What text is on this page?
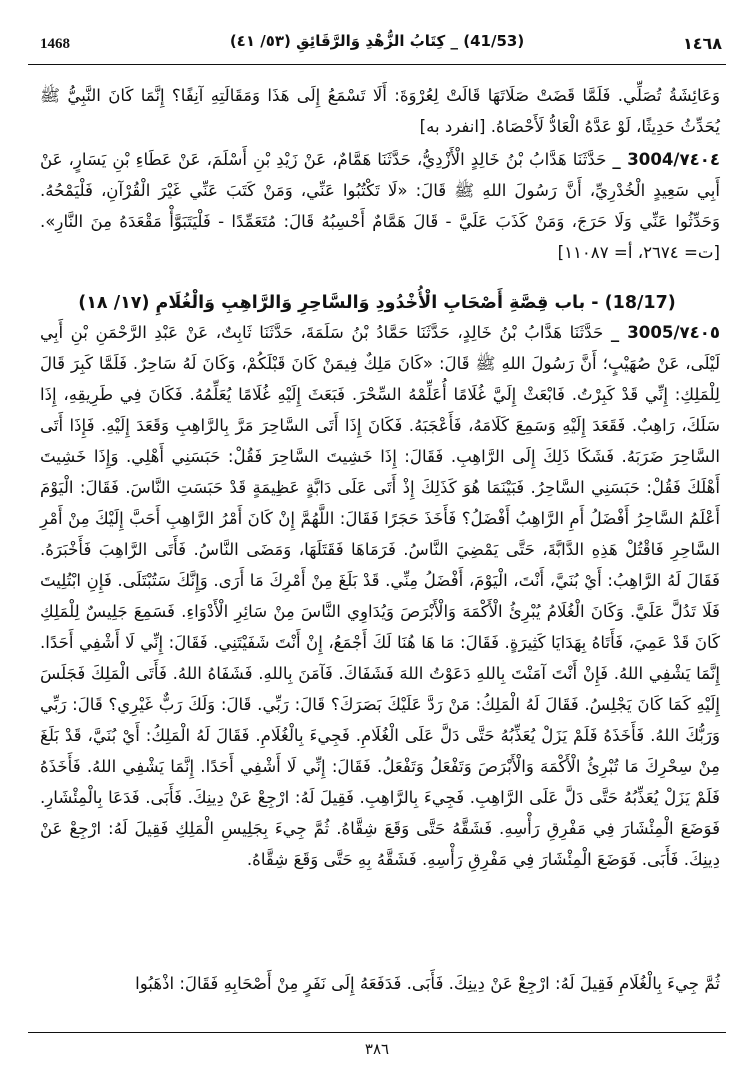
1468	(41/53) _ كِتَابُ الزُّهْدِ وَالرَّقَائِقِ (٥٣/ ٤١)	١٤٦٨

وَعَائِشَةُ تُصَلِّي. فَلَمَّا قَضَتْ صَلَاتَهَا قَالَتْ لِعُرْوَةَ: أَلَا تَسْمَعُ إِلَى هَذَا وَمَقَالَتِهِ آنِفًا؟ إِنَّمَا كَانَ النَّبِيُّ ﷺ يُحَدِّثُ حَدِيثًا، لَوْ عَدَّهُ الْعَادُّ لَأَحْصَاهُ. [انفرد به]

٧٤٠٤/3004 _ حَدَّثَنَا هَدَّابُ بْنُ خَالِدٍ الْأَزْدِيُّ، حَدَّثَنَا هَمَّامٌ، عَنْ زَيْدِ بْنِ أَسْلَمَ، عَنْ عَطَاءِ بْنِ يَسَارٍ، عَنْ أَبِي سَعِيدٍ الْخُدْرِيِّ، أَنَّ رَسُولَ اللهِ ﷺ قَالَ: «لَا تَكْتُبُوا عَنِّي، وَمَنْ كَتَبَ عَنِّي غَيْرَ الْقُرْآنِ، فَلْيَمْحُهُ. وَحَدِّثُوا عَنِّي وَلَا حَرَجَ، وَمَنْ كَذَبَ عَلَيَّ - قَالَ هَمَّامٌ أَحْسِبُهُ قَالَ: مُتَعَمِّدًا - فَلْيَتَبَوَّأْ مَقْعَدَهُ مِنَ النَّارِ». [ت= ٢٦٧٤، أ= ١١٠٨٧]

(18/17) - باب قِصَّةِ أَصْحَابِ الْأُخْدُودِ وَالسَّاحِرِ وَالرَّاهِبِ وَالْغُلَامِ (١٧/ ١٨)

٧٤٠٥/3005 _ حَدَّثَنَا هَدَّابُ بْنُ خَالِدٍ، حَدَّثَنَا حَمَّادُ بْنُ سَلَمَةَ، حَدَّثَنَا ثَابِتٌ، عَنْ عَبْدِ الرَّحْمَنِ بْنِ أَبِي لَيْلَى، عَنْ صُهَيْبٍ؛ أَنَّ رَسُولَ اللهِ ﷺ قَالَ: «كَانَ مَلِكٌ فِيمَنْ كَانَ قَبْلَكُمْ، وَكَانَ لَهُ سَاحِرٌ. فَلَمَّا كَبِرَ قَالَ لِلْمَلِكِ: إِنِّي قَدْ كَبِرْتُ. فَابْعَثْ إِلَيَّ غُلَامًا أُعَلِّمْهُ السِّحْرَ. فَبَعَثَ إِلَيْهِ غُلَامًا يُعَلِّمُهُ. فَكَانَ فِي طَرِيقِهِ، إِذَا سَلَكَ، رَاهِبٌ. فَقَعَدَ إِلَيْهِ وَسَمِعَ كَلَامَهُ، فَأَعْجَبَهُ. فَكَانَ إِذَا أَتَى السَّاحِرَ مَرَّ بِالرَّاهِبِ وَقَعَدَ إِلَيْهِ. فَإِذَا أَتَى السَّاحِرَ ضَرَبَهُ. فَشَكَا ذَلِكَ إِلَى الرَّاهِبِ. فَقَالَ: إِذَا خَشِيتَ السَّاحِرَ فَقُلْ: حَبَسَنِي أَهْلِي. وَإِذَا خَشِيتَ أَهْلَكَ فَقُلْ: حَبَسَنِي السَّاحِرُ. فَبَيْنَمَا هُوَ كَذَلِكَ إِذْ أَتَى عَلَى دَابَّةٍ عَظِيمَةٍ قَدْ حَبَسَتِ النَّاسَ. فَقَالَ: الْيَوْمَ أَعْلَمُ السَّاحِرُ أَفْضَلُ أَمِ الرَّاهِبُ أَفْضَلُ؟ فَأَخَذَ حَجَرًا فَقَالَ: اللَّهُمَّ إِنْ كَانَ أَمْرُ الرَّاهِبِ أَحَبَّ إِلَيْكَ مِنْ أَمْرِ السَّاحِرِ فَاقْتُلْ هَذِهِ الدَّابَّةَ، حَتَّى يَمْضِيَ النَّاسُ. فَرَمَاهَا فَقَتَلَهَا، وَمَضَى النَّاسُ. فَأَتَى الرَّاهِبَ فَأَخْبَرَهُ. فَقَالَ لَهُ الرَّاهِبُ: أَيْ بُنَيَّ، أَنْتَ، الْيَوْمَ، أَفْضَلُ مِنِّي. قَدْ بَلَغَ مِنْ أَمْرِكَ مَا أَرَى. وَإِنَّكَ سَتُبْتَلَى. فَإِنِ ابْتُلِيتَ فَلَا تَدُلَّ عَلَيَّ. وَكَانَ الْغُلَامُ يُبْرِئُ الْأَكْمَهَ وَالْأَبْرَصَ وَيُدَاوِي النَّاسَ مِنْ سَائِرِ الْأَدْوَاءِ. فَسَمِعَ جَلِيسٌ لِلْمَلِكِ كَانَ قَدْ عَمِيَ، فَأَتَاهُ بِهَدَايَا كَثِيرَةٍ. فَقَالَ: مَا هَا هُنَا لَكَ أَجْمَعُ، إِنْ أَنْتَ شَفَيْتَنِي. فَقَالَ: إِنِّي لَا أَشْفِي أَحَدًا. إِنَّمَا يَشْفِي اللهُ. فَإِنْ أَنْتَ آمَنْتَ بِاللهِ دَعَوْتُ اللهَ فَشَفَاكَ. فَآمَنَ بِاللهِ. فَشَفَاهُ اللهُ. فَأَتَى الْمَلِكَ فَجَلَسَ إِلَيْهِ كَمَا كَانَ يَجْلِسُ. فَقَالَ لَهُ الْمَلِكُ: مَنْ رَدَّ عَلَيْكَ بَصَرَكَ؟ قَالَ: رَبِّي. قَالَ: وَلَكَ رَبٌّ غَيْرِي؟ قَالَ: رَبِّي وَرَبُّكَ اللهُ. فَأَخَذَهُ فَلَمْ يَزَلْ يُعَذِّبُهُ حَتَّى دَلَّ عَلَى الْغُلَامِ. فَجِيءَ بِالْغُلَامِ. فَقَالَ لَهُ الْمَلِكُ: أَيْ بُنَيَّ، قَدْ بَلَغَ مِنْ سِحْرِكَ مَا تُبْرِئُ الْأَكْمَهَ وَالْأَبْرَصَ وَتَفْعَلُ وَتَفْعَلُ. فَقَالَ: إِنِّي لَا أَشْفِي أَحَدًا. إِنَّمَا يَشْفِي اللهُ. فَأَخَذَهُ فَلَمْ يَزَلْ يُعَذِّبُهُ حَتَّى دَلَّ عَلَى الرَّاهِبِ. فَجِيءَ بِالرَّاهِبِ. فَقِيلَ لَهُ: ارْجِعْ عَنْ دِينِكَ. فَأَبَى. فَدَعَا بِالْمِئْشَارِ. فَوَضَعَ الْمِئْشَارَ فِي مَفْرِقِ رَأْسِهِ. فَشَقَّهُ حَتَّى وَقَعَ شِقَّاهُ. ثُمَّ جِيءَ بِجَلِيسِ الْمَلِكِ فَقِيلَ لَهُ: ارْجِعْ عَنْ دِينِكَ. فَأَبَى. فَوَضَعَ الْمِئْشَارَ فِي مَفْرِقِ رَأْسِهِ. فَشَقَّهُ بِهِ حَتَّى وَقَعَ شِقَّاهُ.

ثُمَّ جِيءَ بِالْغُلَامِ فَقِيلَ لَهُ: ارْجِعْ عَنْ دِينِكَ. فَأَبَى. فَدَفَعَهُ إِلَى نَفَرٍ مِنْ أَصْحَابِهِ فَقَالَ: اذْهَبُوا

٣٨٦
